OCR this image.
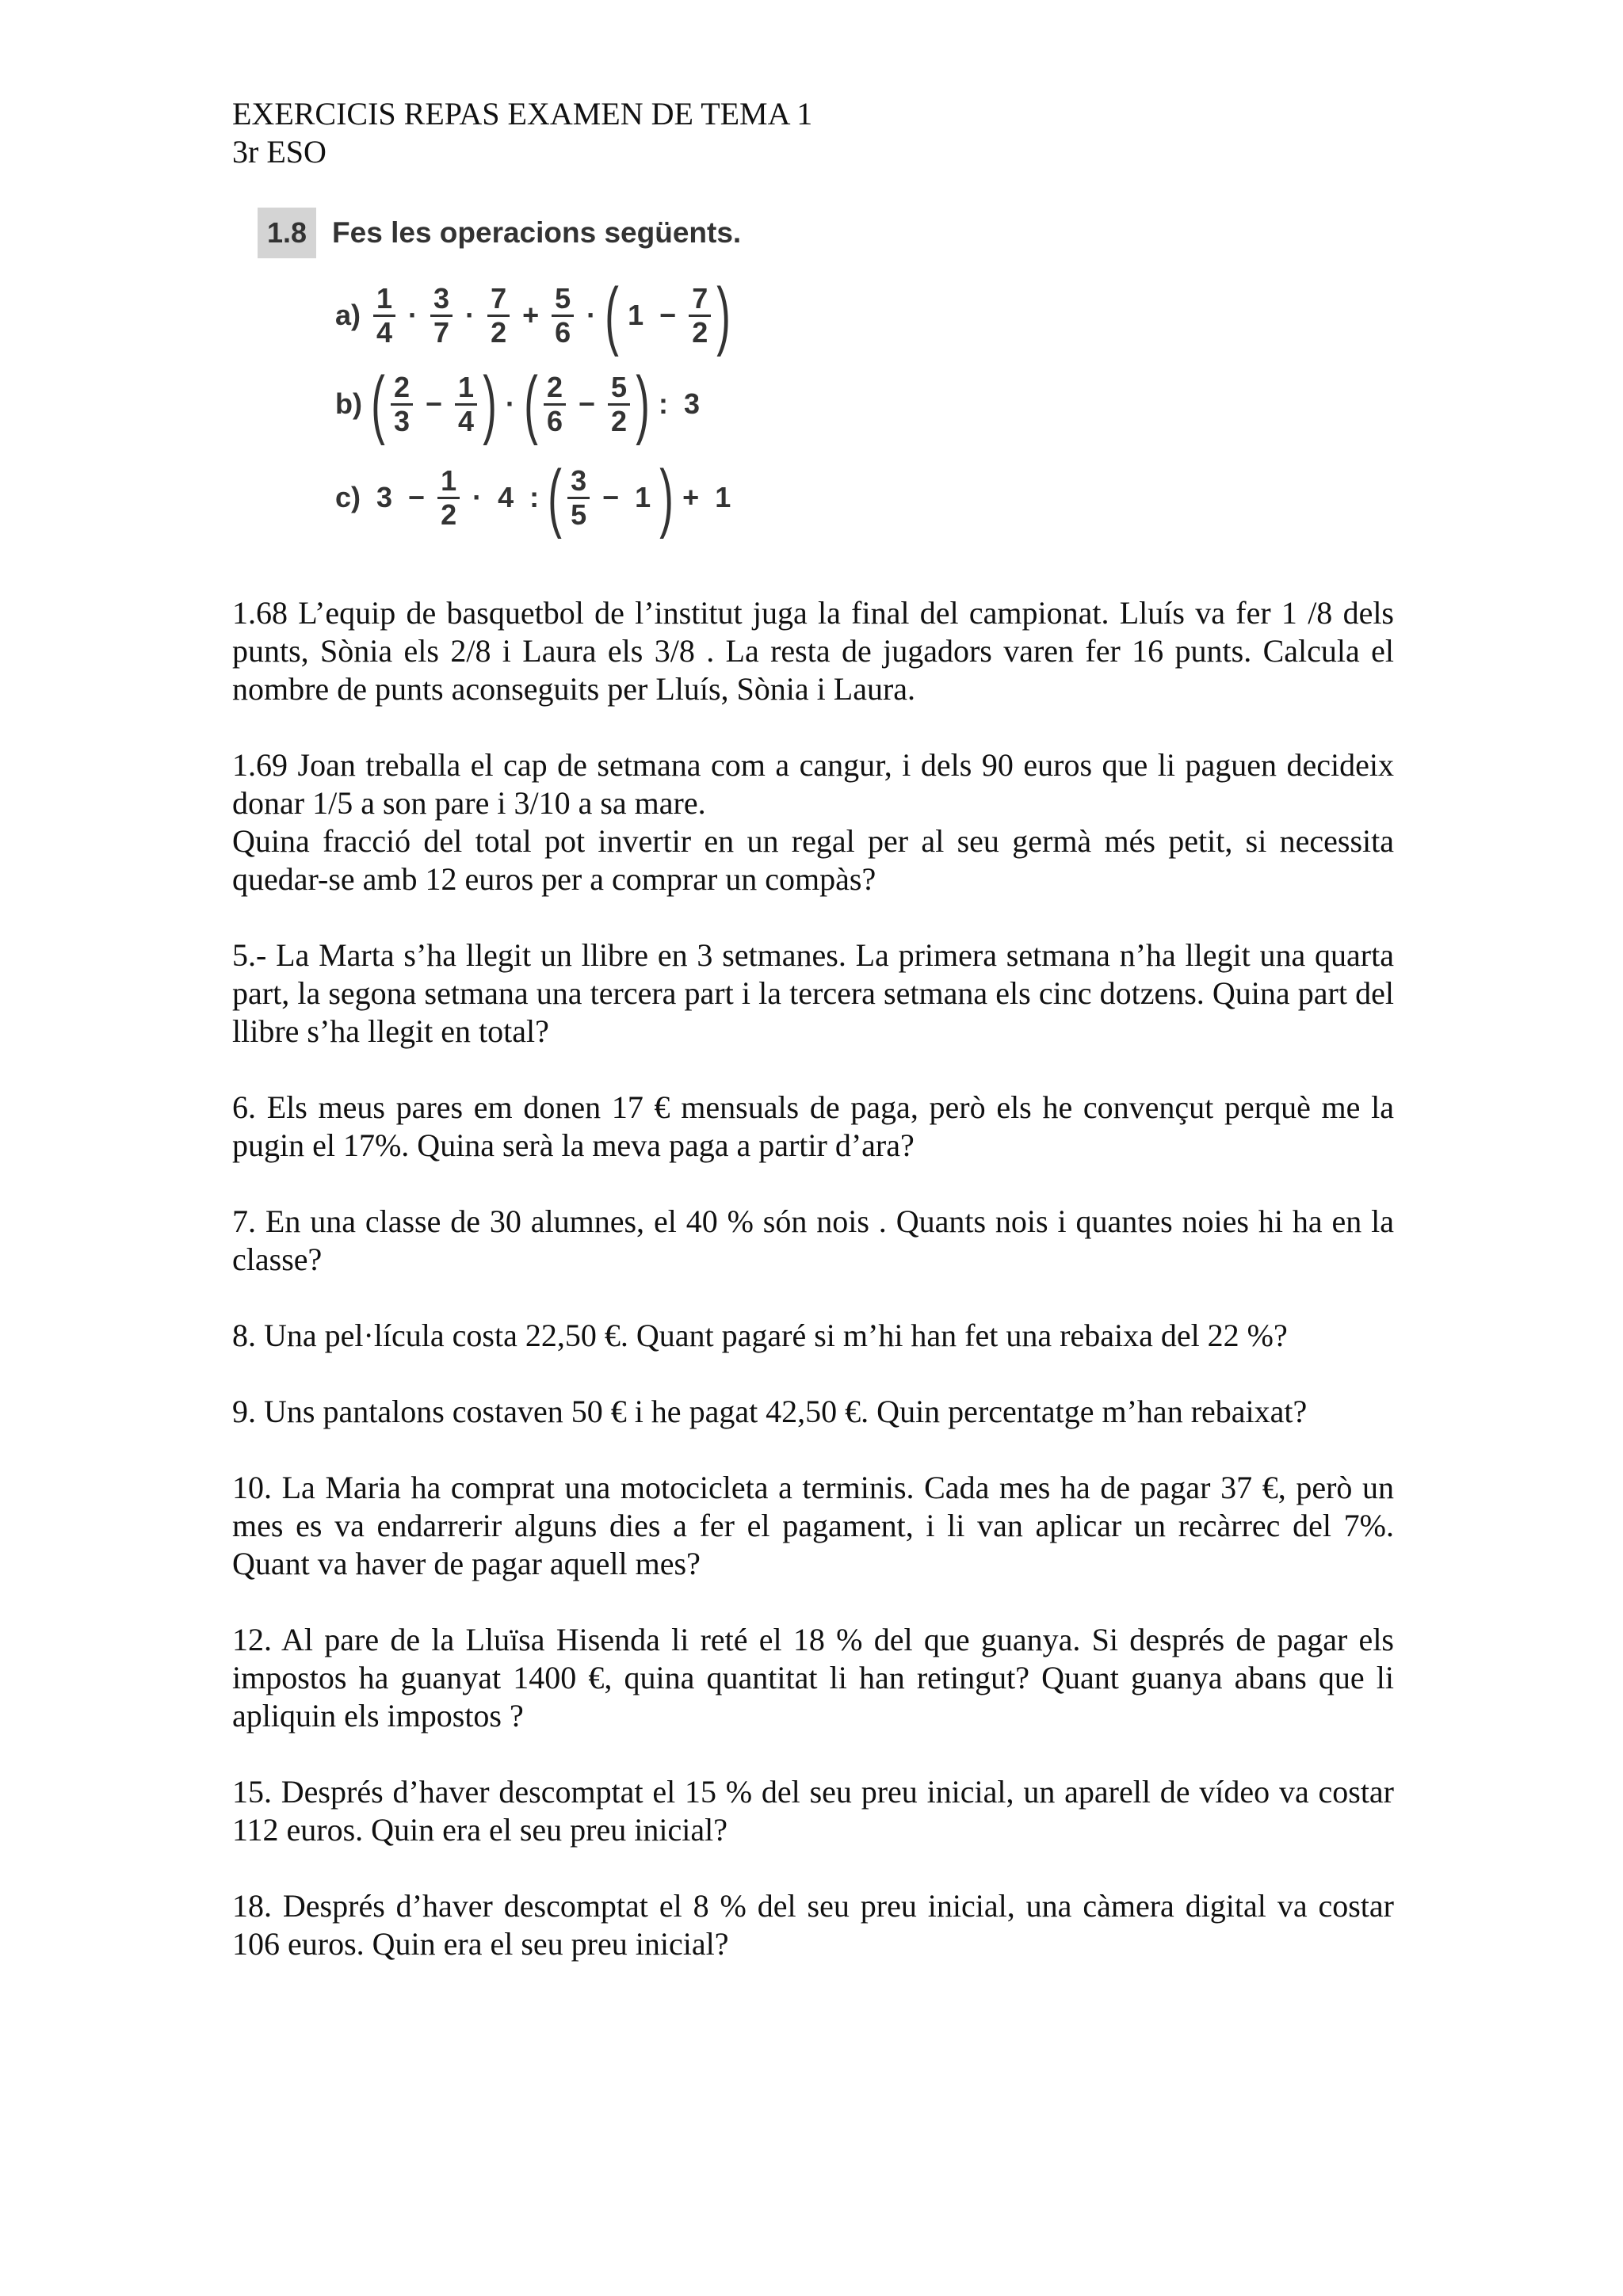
EXERCICIS REPAS EXAMEN DE TEMA 1
3r ESO
1.8 Fes les operacions següents.
$a) \frac{1}{4} \cdot \frac{3}{7} \cdot \frac{7}{2} + \frac{5}{6}$ · ( $1 - \frac{7}{2}$ )
b) ( $\frac{2}{3} - \frac{1}{4}$ ) · ( $\frac{2}{6} - \frac{5}{2}$ ) : 3
c) $3 - \frac{1}{2} \cdot 4$ : ( $\frac{3}{5} - 1$ ) + 1

1.68 L’equip de basquetbol de l’institut juga la final del campionat. Lluís va fer 1 /8 dels punts, Sònia els 2/8 i Laura els 3/8 . La resta de jugadors varen fer 16 punts. Calcula el nombre de punts aconseguits per Lluís, Sònia i Laura.

1.69 Joan treballa el cap de setmana com a cangur, i dels 90 euros que li paguen decideix donar 1/5 a son pare i 3/10 a sa mare.

Quina fracció del total pot invertir en un regal per al seu germà més petit, si necessita quedar-se amb 12 euros per a comprar un compàs?

5.- La Marta s’ha llegit un llibre en 3 setmanes. La primera setmana n’ha llegit una quarta part, la segona setmana una tercera part i la tercera setmana els cinc dotzens. Quina part del llibre s’ha llegit en total?

6. Els meus pares em donen 17 € mensuals de paga, però els he convençut perquè me la pugin el 17%. Quina serà la meva paga a partir d’ara?

7. En una classe de 30 alumnes, el 40 % són nois . Quants nois i quantes noies hi ha en la classe?

8. Una pel·lícula costa 22,50 €. Quant pagaré si m’hi han fet una rebaixa del 22 %?

9. Uns pantalons costaven 50 € i he pagat 42,50 €. Quin percentatge m’han rebaixat?

10. La Maria ha comprat una motocicleta a terminis. Cada mes ha de pagar 37 €, però un mes es va endarrerir alguns dies a fer el pagament, i li van aplicar un recàrrec del 7%. Quant va haver de pagar aquell mes?

12. Al pare de la Lluïsa Hisenda li reté el 18 % del que guanya. Si després de pagar els impostos ha guanyat 1400 €, quina quantitat li han retingut? Quant guanya abans que li apliquin els impostos ?

15. Després d’haver descomptat el 15 % del seu preu inicial, un aparell de vídeo va costar 112 euros. Quin era el seu preu inicial?

18. Després d’haver descomptat el 8 % del seu preu inicial, una càmera digital va costar 106 euros. Quin era el seu preu inicial?
